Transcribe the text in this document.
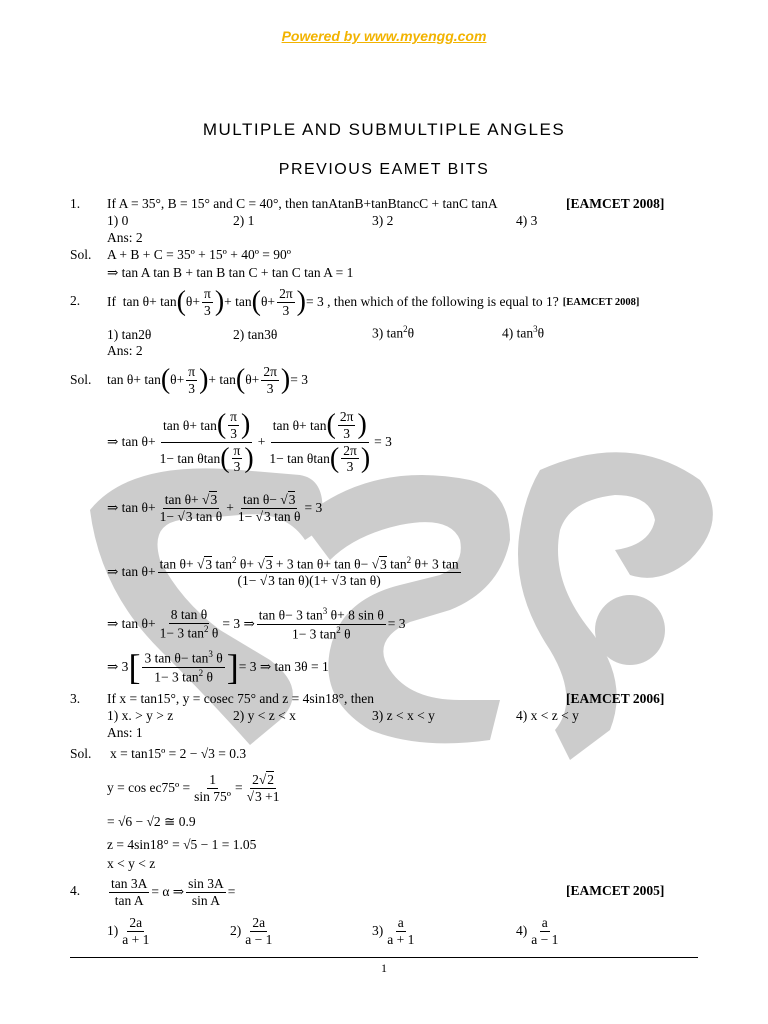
Powered by www.myengg.com
MULTIPLE AND SUBMULTIPLE ANGLES
PREVIOUS EAMET BITS
1. If A = 35°, B = 15° and C = 40°, then tanAtanB+tanBtancC + tanC tanA	[EAMCET 2008]
1) 0	2) 1	3) 2	4) 3
Ans: 2
Sol. A + B + C = 35º + 15º + 40º = 90º
⇒ tan A tan B + tan B tan C + tan C tan A = 1
2. If tan θ+ tan ( $\theta+ \frac{\pi}{3}$ ) + tan ( $\theta+ \frac{2\pi}{3}$ ) = 3 , then which of the following is equal to 1? [EAMCET 2008]
1) tan2θ	2) tan3θ	3) $\tan^2\theta$	4) $\tan^3\theta$
Ans: 2
Sol. tan θ+ tan ( $\theta+ \frac{\pi}{3}$ ) + tan ( $\theta+ \frac{2\pi}{3}$ ) = 3
⇒ $\tan \theta+ \frac{\tan \theta+ \tan ( \frac{\pi}{3} )}{1- \tan \theta\tan ( \frac{\pi}{3} )} + \frac{\tan \theta+ \tan ( \frac{2\pi}{3} )}{1- \tan \theta\tan ( \frac{2\pi}{3} )} = 3$
⇒ $\tan \theta+ \frac{\text{tan θ+ √3}}{\text{1− √3 tan θ}} + \frac{\text{tan θ− √3}}{\text{1− √3 tan θ}} = 3$
⇒ $\tan \theta+ \frac{\tan \theta+ √3 \tan^2 \theta+ √3 + 3 \tan \theta+ \tan \theta- √3 \tan^2 \theta+ 3 \tan}{\text{(1− √3 tan θ)(1+ √3 tan θ)}}$
⇒ $\tan \theta+ \frac{\text{8 tan θ}}{1- 3 \tan^2 \theta} = 3$ ⇒ $\frac{\tan \theta- 3 \tan^3 \theta+ 8 \sin \theta}{1- 3 \tan^2 \theta} = 3$
⇒ 3 [ $\frac{3 \tan \theta- \tan^3 \theta}{1- 3 \tan^2 \theta}$ ] = 3 ⇒ tan 3θ = 1
3. If x = tan15°, y = cosec 75° and z = 4sin18°, then	[EAMCET 2006]
1) x. > y > z	2) y < z < x	3) z < x < y	4) x < z < y
Ans: 1
Sol. x = tan15º = 2 − √3 = 0.3
y = cos ec75º = $\frac{1}{\text{sin 75º}} = \frac{2√2}{√3 +1}$
= √6 − √2 ≅ 0.9
z = 4sin18° = √5 − 1 = 1.05
x < y < z
4. $\frac{\tan 3A}{\text{tan A}} = \alpha$ ⇒ $\frac{\sin 3A}{\text{sin A}}$ =	[EAMCET 2005]
$1) \frac{2a}{a + 1}$	$2) \frac{2a}{a - 1}$	$3) \frac{a}{a + 1}$	$4) \frac{a}{a - 1}$
1
